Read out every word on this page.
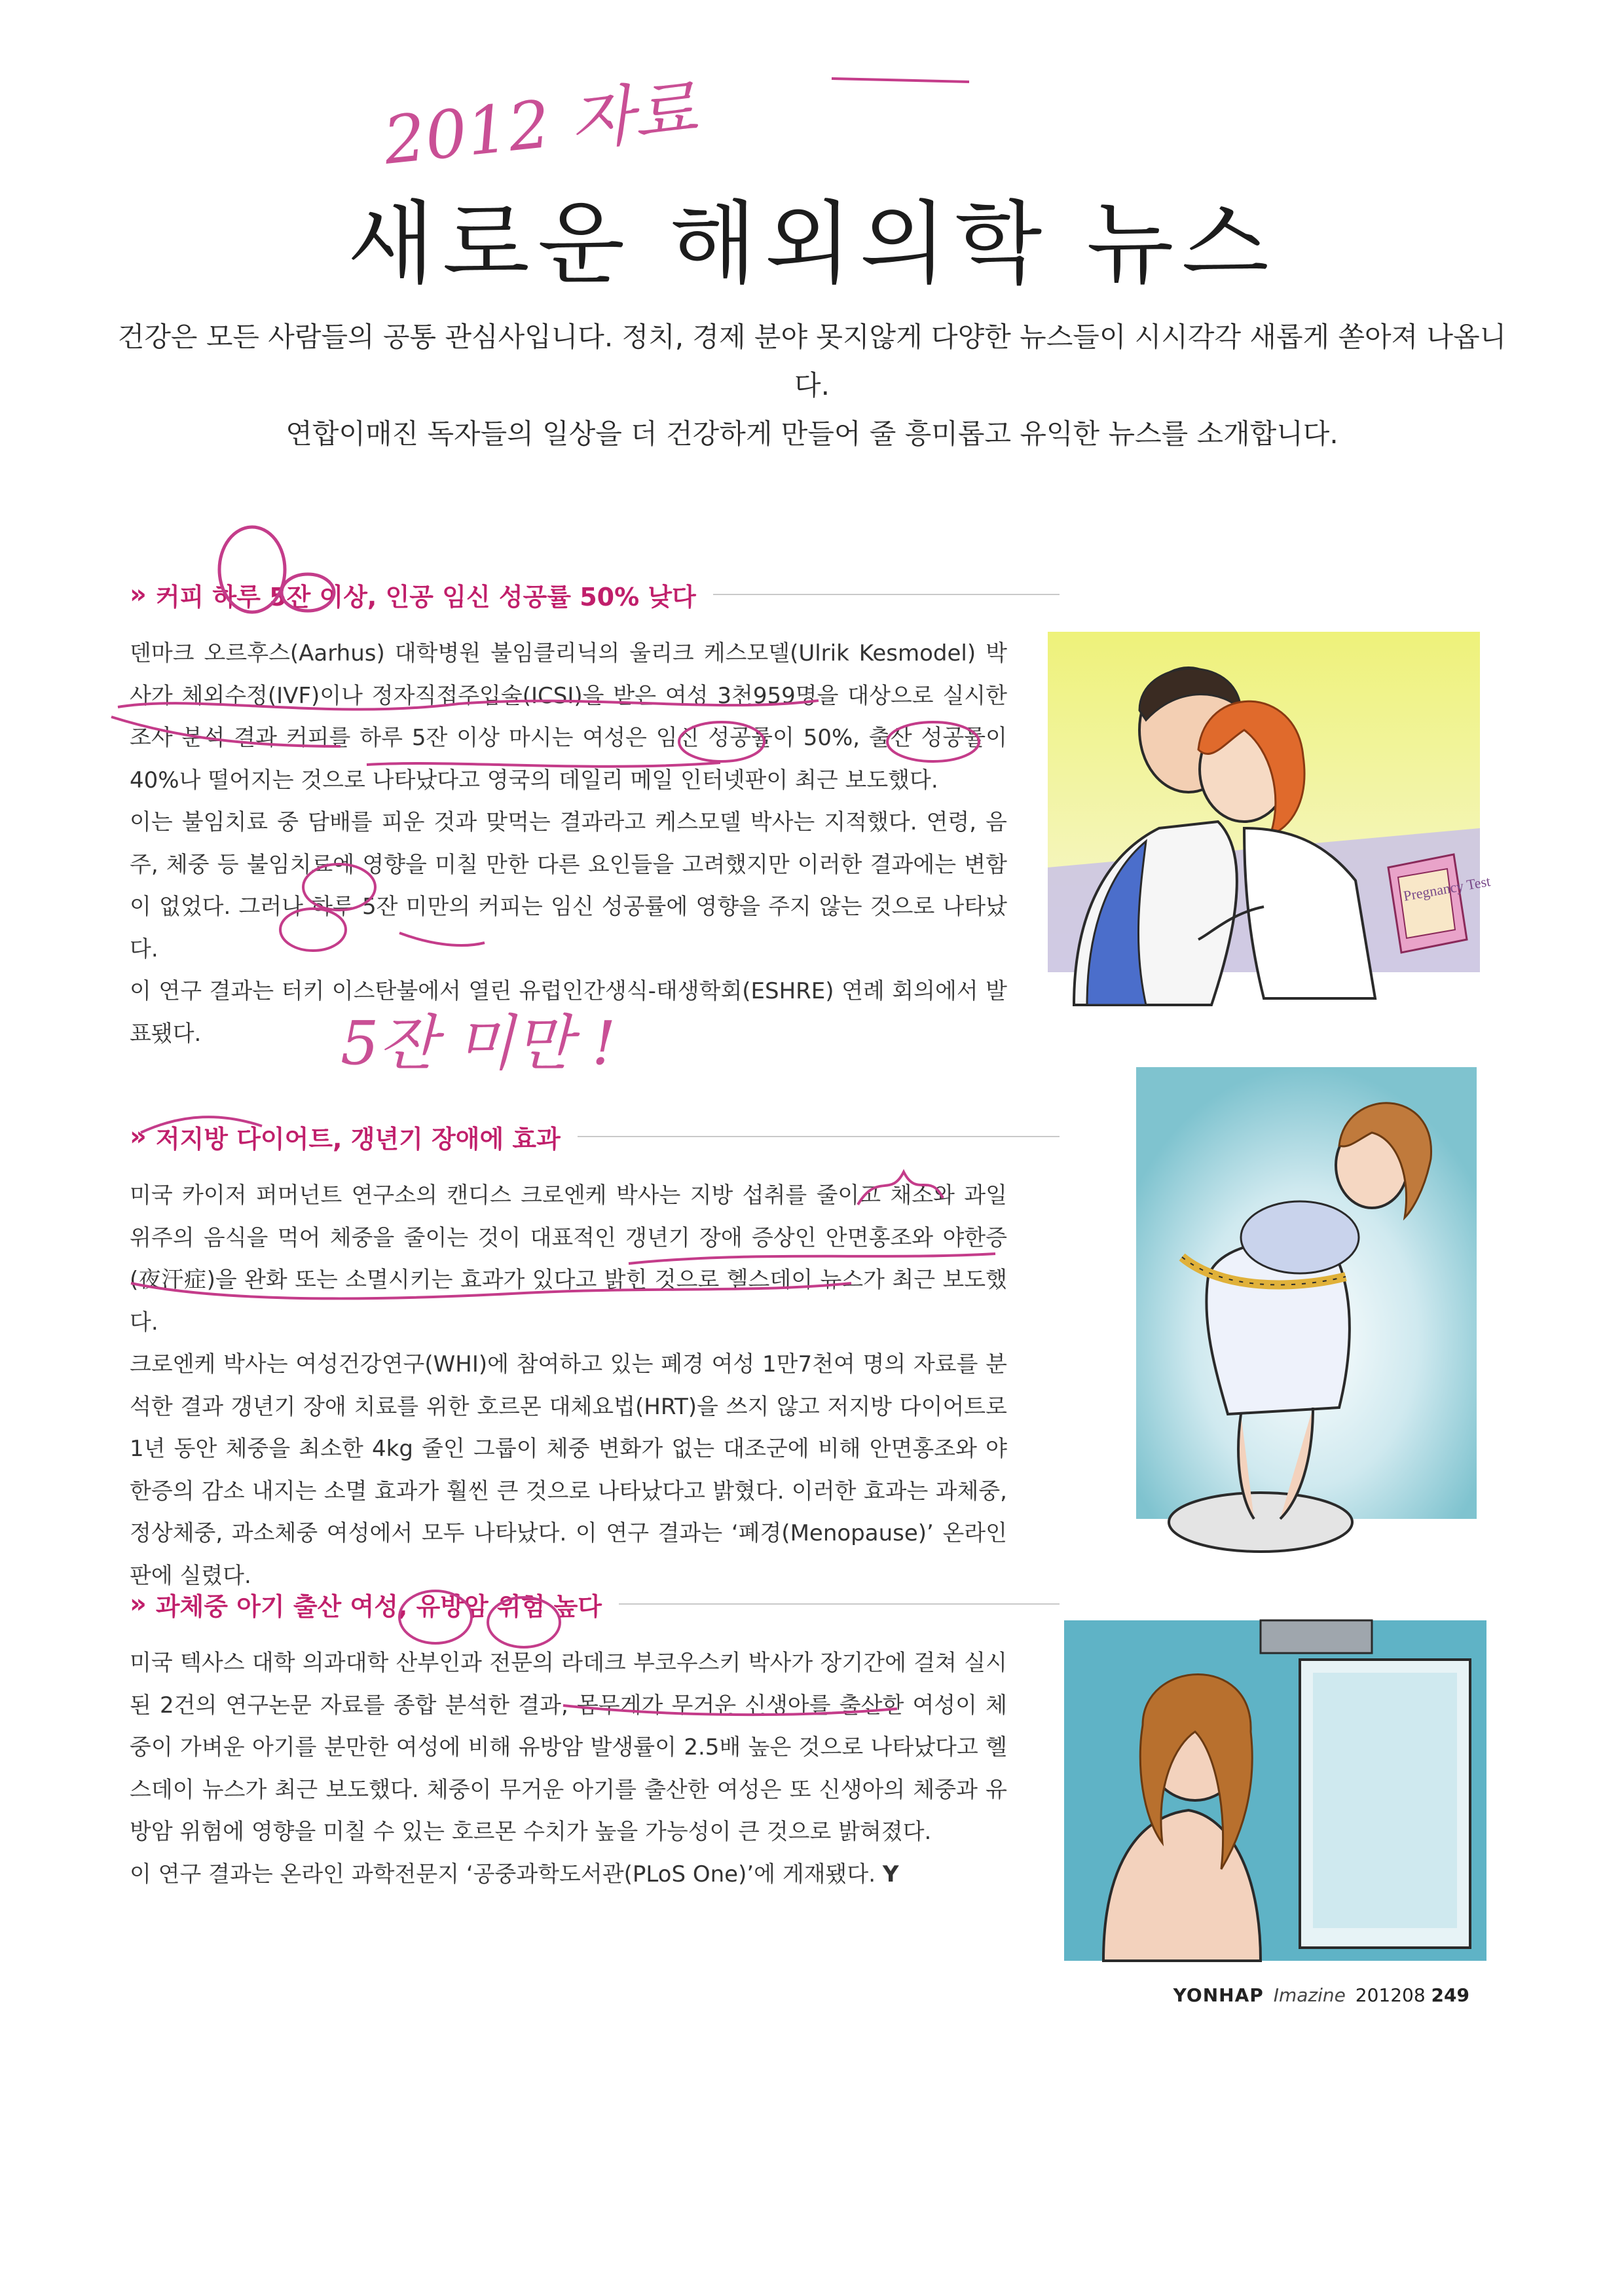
새로운 해외의학 뉴스
건강은 모든 사람들의 공통 관심사입니다. 정치, 경제 분야 못지않게 다양한 뉴스들이 시시각각 새롭게 쏟아져 나옵니다.
연합이매진 독자들의 일상을 더 건강하게 만들어 줄 흥미롭고 유익한 뉴스를 소개합니다.
» 커피 하루 5잔 이상, 인공 임신 성공률 50% 낮다

덴마크 오르후스(Aarhus) 대학병원 불임클리닉의 울리크 케스모델(Ulrik Kesmodel) 박사가 체외수정(IVF)이나 정자직접주입술(ICSI)을 받은 여성 3천959명을 대상으로 실시한 조사 분석 결과 커피를 하루 5잔 이상 마시는 여성은 임신 성공률이 50%, 출산 성공률이 40%나 떨어지는 것으로 나타났다고 영국의 데일리 메일 인터넷판이 최근 보도했다.

이는 불임치료 중 담배를 피운 것과 맞먹는 결과라고 케스모델 박사는 지적했다. 연령, 음주, 체중 등 불임치료에 영향을 미칠 만한 다른 요인들을 고려했지만 이러한 결과에는 변함이 없었다. 그러나 하루 5잔 미만의 커피는 임신 성공률에 영향을 주지 않는 것으로 나타났다.

이 연구 결과는 터키 이스탄불에서 열린 유럽인간생식-태생학회(ESHRE) 연례 회의에서 발표됐다.

Pregnancy Test
» 저지방 다이어트, 갱년기 장애에 효과

미국 카이저 퍼머넌트 연구소의 캔디스 크로엔케 박사는 지방 섭취를 줄이고 채소와 과일 위주의 음식을 먹어 체중을 줄이는 것이 대표적인 갱년기 장애 증상인 안면홍조와 야한증(夜汗症)을 완화 또는 소멸시키는 효과가 있다고 밝힌 것으로 헬스데이 뉴스가 최근 보도했다.

크로엔케 박사는 여성건강연구(WHI)에 참여하고 있는 폐경 여성 1만7천여 명의 자료를 분석한 결과 갱년기 장애 치료를 위한 호르몬 대체요법(HRT)을 쓰지 않고 저지방 다이어트로 1년 동안 체중을 최소한 4kg 줄인 그룹이 체중 변화가 없는 대조군에 비해 안면홍조와 야한증의 감소 내지는 소멸 효과가 훨씬 큰 것으로 나타났다고 밝혔다. 이러한 효과는 과체중, 정상체중, 과소체중 여성에서 모두 나타났다. 이 연구 결과는 ‘폐경(Menopause)’ 온라인판에 실렸다.

» 과체중 아기 출산 여성, 유방암 위험 높다

미국 텍사스 대학 의과대학 산부인과 전문의 라데크 부코우스키 박사가 장기간에 걸쳐 실시된 2건의 연구논문 자료를 종합 분석한 결과, 몸무게가 무거운 신생아를 출산한 여성이 체중이 가벼운 아기를 분만한 여성에 비해 유방암 발생률이 2.5배 높은 것으로 나타났다고 헬스데이 뉴스가 최근 보도했다. 체중이 무거운 아기를 출산한 여성은 또 신생아의 체중과 유방암 위험에 영향을 미칠 수 있는 호르몬 수치가 높을 가능성이 큰 것으로 밝혀졌다.

이 연구 결과는 온라인 과학전문지 ‘공중과학도서관(PLoS One)’에 게재됐다. Y

YONHAP Imazine 201208 249
2012 자료
5잔 미만 !
